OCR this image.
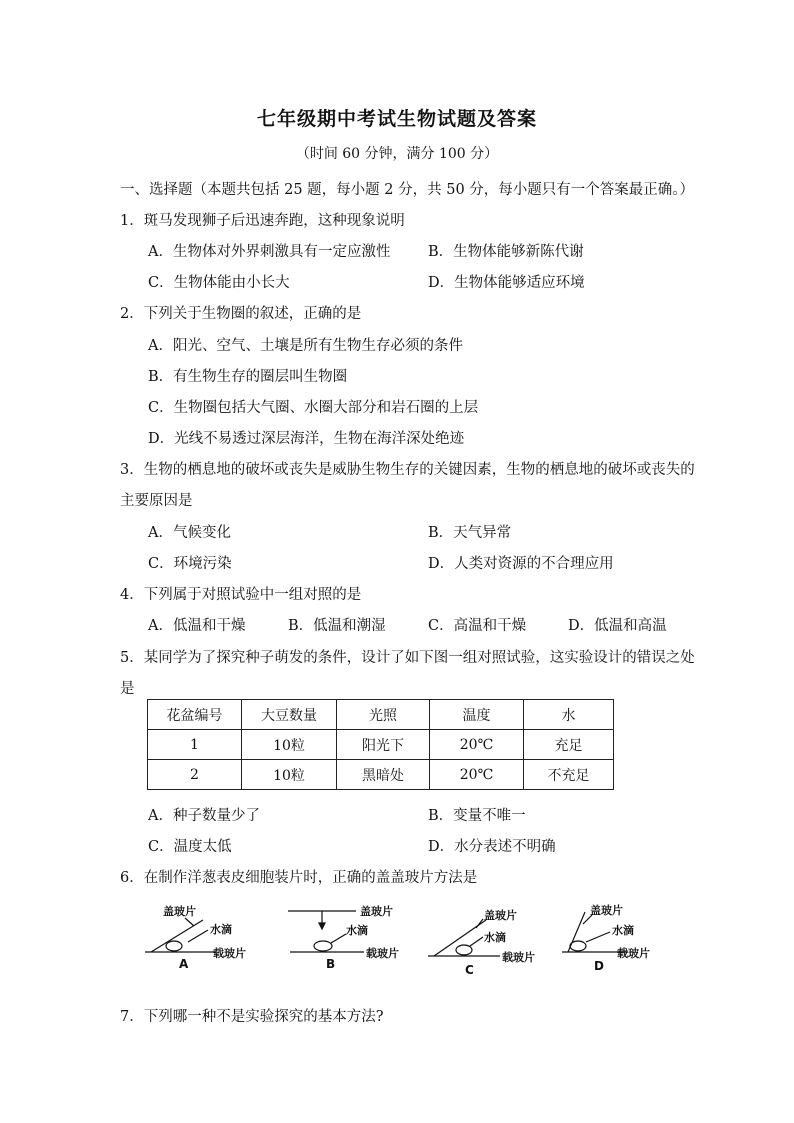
七年级期中考试生物试题及答案
（时间 60 分钟，满分 100 分）
一、选择题（本题共包括 25 题，每小题 2 分，共 50 分，每小题只有一个答案最正确。）
1．斑马发现狮子后迅速奔跑，这种现象说明
A．生物体对外界刺激具有一定应激性	B．生物体能够新陈代谢
C．生物体能由小长大	D．生物体能够适应环境
2．下列关于生物圈的叙述，正确的是
A．阳光、空气、土壤是所有生物生存必须的条件
B．有生物生存的圈层叫生物圈
C．生物圈包括大气圈、水圈大部分和岩石圈的上层
D．光线不易透过深层海洋，生物在海洋深处绝迹
3．生物的栖息地的破坏或丧失是威胁生物生存的关键因素，生物的栖息地的破坏或丧失的
主要原因是
A．气候变化	B．天气异常
C．环境污染	D．人类对资源的不合理应用
4．下列属于对照试验中一组对照的是
A．低温和干燥	B．低温和潮湿	C．高温和干燥	D．低温和高温
5．某同学为了探究种子萌发的条件，设计了如下图一组对照试验，这实验设计的错误之处
是
花盆编号	大豆数量	光照	温度	水
1	10粒	阳光下	20℃	充足
2	10粒	黑暗处	20℃	不充足
A．种子数量少了	B．变量不唯一
C．温度太低	D．水分表述不明确
6．在制作洋葱表皮细胞装片时，正确的盖盖玻片方法是
盖玻片
水滴
载玻片
A
盖玻片
水滴
载玻片
B
盖玻片
水滴
载玻片
C
盖玻片
水滴
载玻片
D
7．下列哪一种不是实验探究的基本方法?
